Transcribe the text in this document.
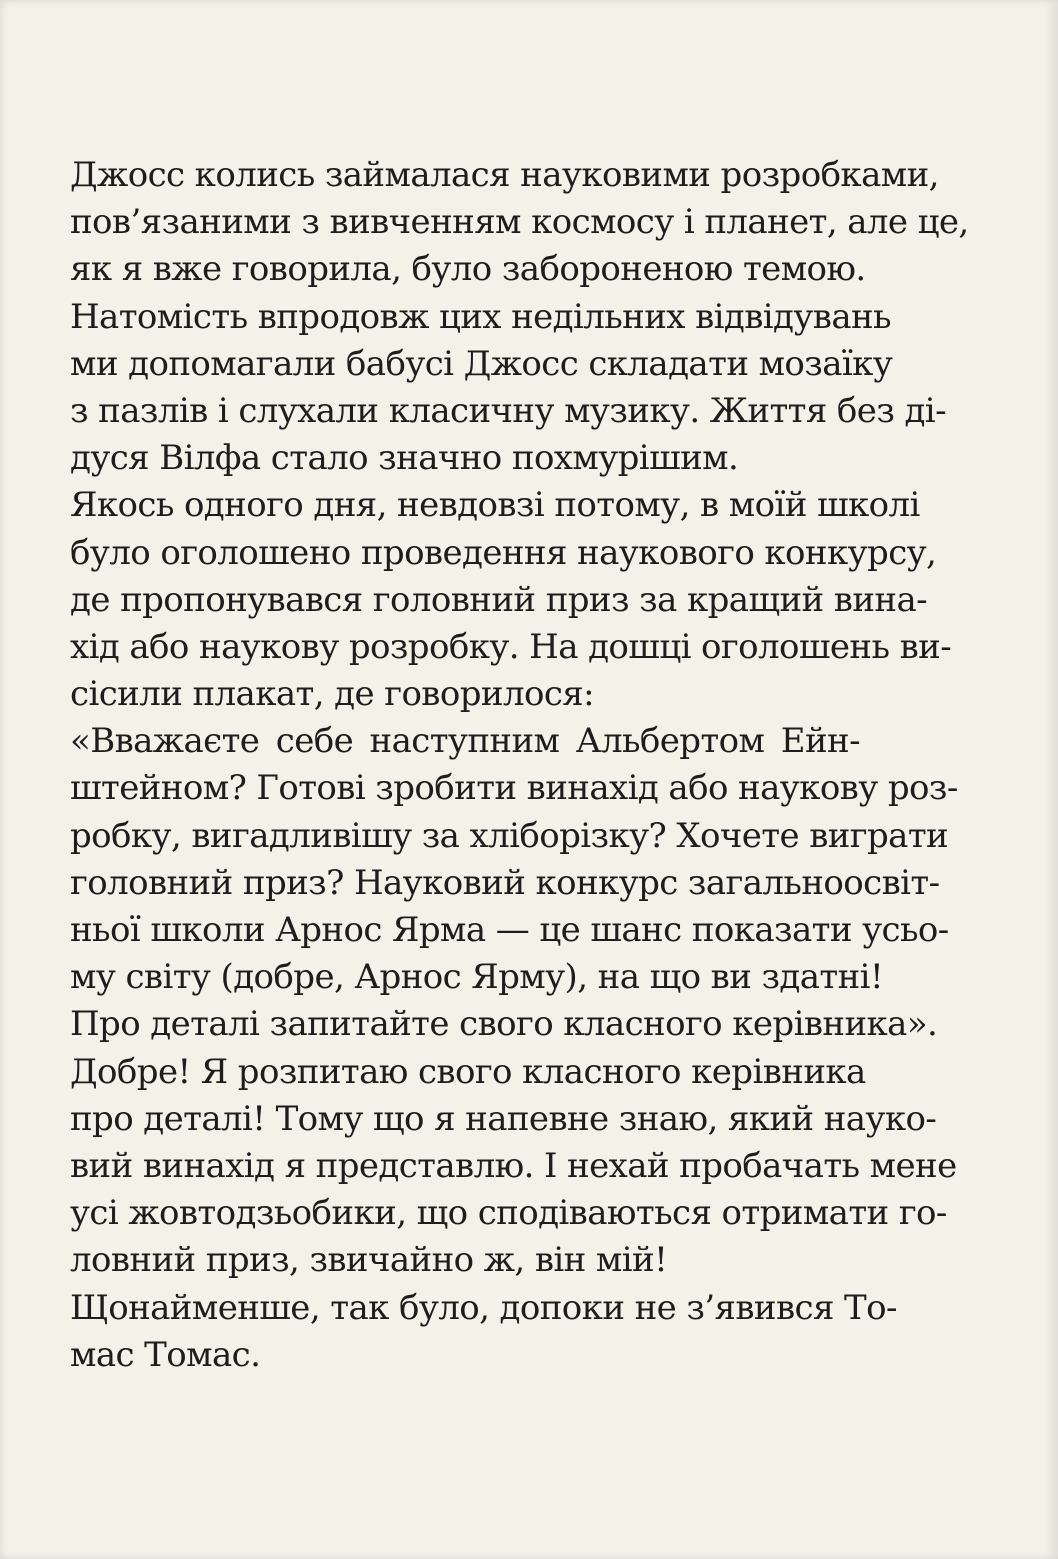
Джосс колись займалася науковими розробками,
пов’язаними з вивченням космосу і планет, але це,
як я вже говорила, було забороненою темою.
Натомість впродовж цих недільних відвідувань
ми допомагали бабусі Джосс складати мозаїку
з пазлів і слухали класичну музику. Життя без ді-
дуся Вілфа стало значно похмурішим.
Якось одного дня, невдовзі потому, в моїй школі
було оголошено проведення наукового конкурсу,
де пропонувався головний приз за кращий вина-
хід або наукову розробку. На дошці оголошень ви-
сісили плакат, де говорилося:
«Вважаєте себе наступним Альбертом Ейн-
штейном? Готові зробити винахід або наукову роз-
робку, вигадливішу за хліборізку? Хочете виграти
головний приз? Науковий конкурс загальноосвіт-
ньої школи Арнос Ярма — це шанс показати усьо-
му світу (добре, Арнос Ярму), на що ви здатні!
Про деталі запитайте свого класного керівника».
Добре! Я розпитаю свого класного керівника
про деталі! Тому що я напевне знаю, який науко-
вий винахід я представлю. І нехай пробачать мене
усі жовтодзьобики, що сподіваються отримати го-
ловний приз, звичайно ж, він мій!
Щонайменше, так було, допоки не з’явився То-
мас Томас.
